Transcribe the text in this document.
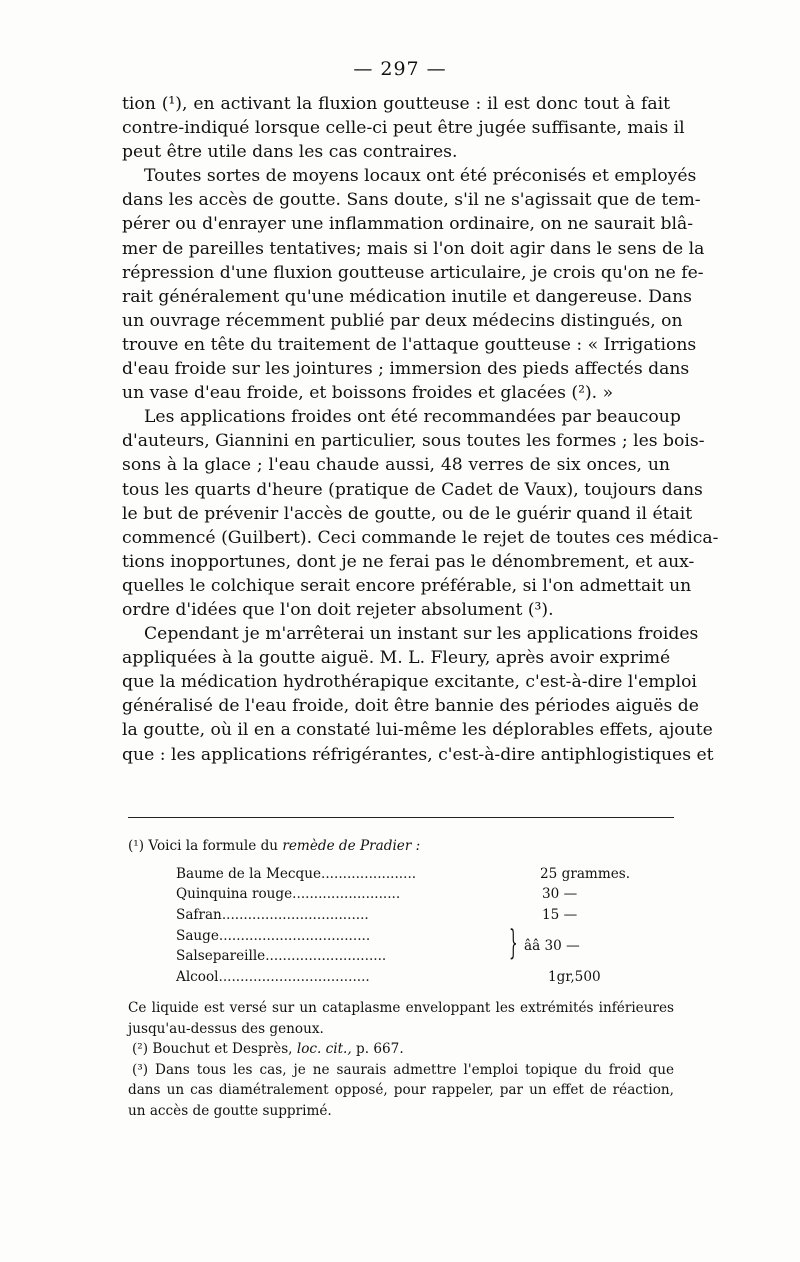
— 297 —

tion (¹), en activant la fluxion goutteuse : il est donc tout à fait
contre-indiqué lorsque celle-ci peut être jugée suffisante, mais il
peut être utile dans les cas contraires.

Toutes sortes de moyens locaux ont été préconisés et employés

dans les accès de goutte. Sans doute, s'il ne s'agissait que de tem-
pérer ou d'enrayer une inflammation ordinaire, on ne saurait blâ-
mer de pareilles tentatives; mais si l'on doit agir dans le sens de la
répression d'une fluxion goutteuse articulaire, je crois qu'on ne fe-
rait généralement qu'une médication inutile et dangereuse. Dans
un ouvrage récemment publié par deux médecins distingués, on
trouve en tête du traitement de l'attaque goutteuse : « Irrigations
d'eau froide sur les jointures ; immersion des pieds affectés dans
un vase d'eau froide, et boissons froides et glacées (²). »

Les applications froides ont été recommandées par beaucoup

d'auteurs, Giannini en particulier, sous toutes les formes ; les bois-
sons à la glace ; l'eau chaude aussi, 48 verres de six onces, un
tous les quarts d'heure (pratique de Cadet de Vaux), toujours dans
le but de prévenir l'accès de goutte, ou de le guérir quand il était
commencé (Guilbert). Ceci commande le rejet de toutes ces médica-
tions inopportunes, dont je ne ferai pas le dénombrement, et aux-
quelles le colchique serait encore préférable, si l'on admettait un
ordre d'idées que l'on doit rejeter absolument (³).

Cependant je m'arrêterai un instant sur les applications froides

appliquées à la goutte aiguë. M. L. Fleury, après avoir exprimé
que la médication hydrothérapique excitante, c'est-à-dire l'emploi
généralisé de l'eau froide, doit être bannie des périodes aiguës de
la goutte, où il en a constaté lui-même les déplorables effets, ajoute
que : les applications réfrigérantes, c'est-à-dire antiphlogistiques et

(¹) Voici la formule du remède de Pradier :
Baume de la Mecque......................	25 grammes.
Quinquina rouge.........................	30 —
Safran..................................	15 —
Sauge...................................
Salsepareille............................	} ââ 30 —
Alcool...................................	1gr,500
Ce liquide est versé sur un cataplasme enveloppant les extrémités inférieures
jusqu'au-dessus des genoux.
(²) Bouchut et Desprès, loc. cit., p. 667.
(³) Dans tous les cas, je ne saurais admettre l'emploi topique du froid que
dans un cas diamétralement opposé, pour rappeler, par un effet de réaction,
un accès de goutte supprimé.
